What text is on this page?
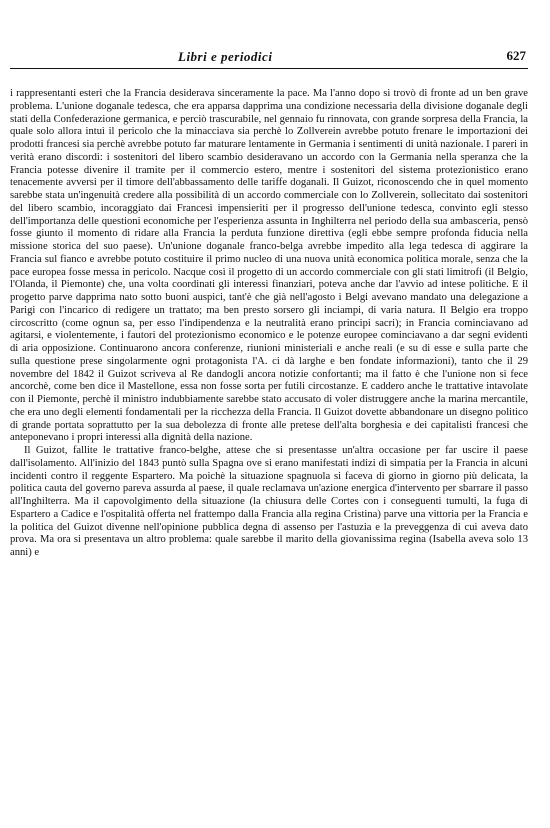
Libri e periodici	627

i rappresentanti esteri che la Francia desiderava sinceramente la pace. Ma l'anno dopo si trovò di fronte ad un ben grave problema. L'unione doganale tedesca, che era apparsa dapprima una condizione necessaria della divisione doganale degli stati della Confederazione germanica, e perciò trascurabile, nel gennaio fu rinnovata, con grande sorpresa della Francia, la quale solo allora intuì il pericolo che la minacciava sia perchè lo Zollverein avrebbe potuto frenare le importazioni dei prodotti francesi sia perchè avrebbe potuto far maturare lentamente in Germania i sentimenti di unità nazionale. I pareri in verità erano discordi: i sostenitori del libero scambio desideravano un accordo con la Germania nella speranza che la Francia potesse divenire il tramite per il commercio estero, mentre i sostenitori del sistema protezionistico erano tenacemente avversi per il timore dell'abbassamento delle tariffe doganali. Il Guizot, riconoscendo che in quel momento sarebbe stata un'ingenuità credere alla possibilità di un accordo commerciale con lo Zollverein, sollecitato dai sostenitori del libero scambio, incoraggiato dai Francesi impensieriti per il progresso dell'unione tedesca, convinto egli stesso dell'importanza delle questioni economiche per l'esperienza assunta in Inghilterra nel periodo della sua ambasceria, pensò fosse giunto il momento di ridare alla Francia la perduta funzione direttiva (egli ebbe sempre profonda fiducia nella missione storica del suo paese). Un'unione doganale franco-belga avrebbe impedito alla lega tedesca di aggirare la Francia sul fianco e avrebbe potuto costituire il primo nucleo di una nuova unità economica politica morale, senza che la pace europea fosse messa in pericolo. Nacque così il progetto di un accordo commerciale con gli stati limitrofi (il Belgio, l'Olanda, il Piemonte) che, una volta coordinati gli interessi finanziari, poteva anche dar l'avvio ad intese politiche. E il progetto parve dapprima nato sotto buoni auspici, tant'è che già nell'agosto i Belgi avevano mandato una delegazione a Parigi con l'incarico di redigere un trattato; ma ben presto sorsero gli inciampi, di varia natura. Il Belgio era troppo circoscritto (come ognun sa, per esso l'indipendenza e la neutralità erano principi sacri); in Francia cominciavano ad agitarsi, e violentemente, i fautori del protezionismo economico e le potenze europee cominciavano a dar segni evidenti di aria opposizione. Continuarono ancora conferenze, riunioni ministeriali e anche reali (e su di esse e sulla parte che sulla questione prese singolarmente ogni protagonista l'A. ci dà larghe e ben fondate informazioni), tanto che il 29 novembre del 1842 il Guizot scriveva al Re dandogli ancora notizie confortanti; ma il fatto è che l'unione non si fece ancorchè, come ben dice il Mastellone, essa non fosse sorta per futili circostanze. E caddero anche le trattative intavolate con il Piemonte, perchè il ministro indubbiamente sarebbe stato accusato di voler distruggere anche la marina mercantile, che era uno degli elementi fondamentali per la ricchezza della Francia. Il Guizot dovette abbandonare un disegno politico di grande portata soprattutto per la sua debolezza di fronte alle pretese dell'alta borghesia e dei capitalisti francesi che anteponevano i propri interessi alla dignità della nazione.

Il Guizot, fallite le trattative franco-belghe, attese che si presentasse un'altra occasione per far uscire il paese dall'isolamento. All'inizio del 1843 puntò sulla Spagna ove si erano manifestati indizi di simpatia per la Francia in alcuni incidenti contro il reggente Espartero. Ma poichè la situazione spagnuola si faceva di giorno in giorno più delicata, la politica cauta del governo pareva assurda al paese, il quale reclamava un'azione energica d'intervento per sbarrare il passo all'Inghilterra. Ma il capovolgimento della situazione (la chiusura delle Cortes con i conseguenti tumulti, la fuga di Espartero a Cadice e l'ospitalità offerta nel frattempo dalla Francia alla regina Cristina) parve una vittoria per la Francia e la politica del Guizot divenne nell'opinione pubblica degna di assenso per l'astuzia e la preveggenza di cui aveva dato prova. Ma ora si presentava un altro problema: quale sarebbe il marito della giovanissima regina (Isabella aveva solo 13 anni) e
